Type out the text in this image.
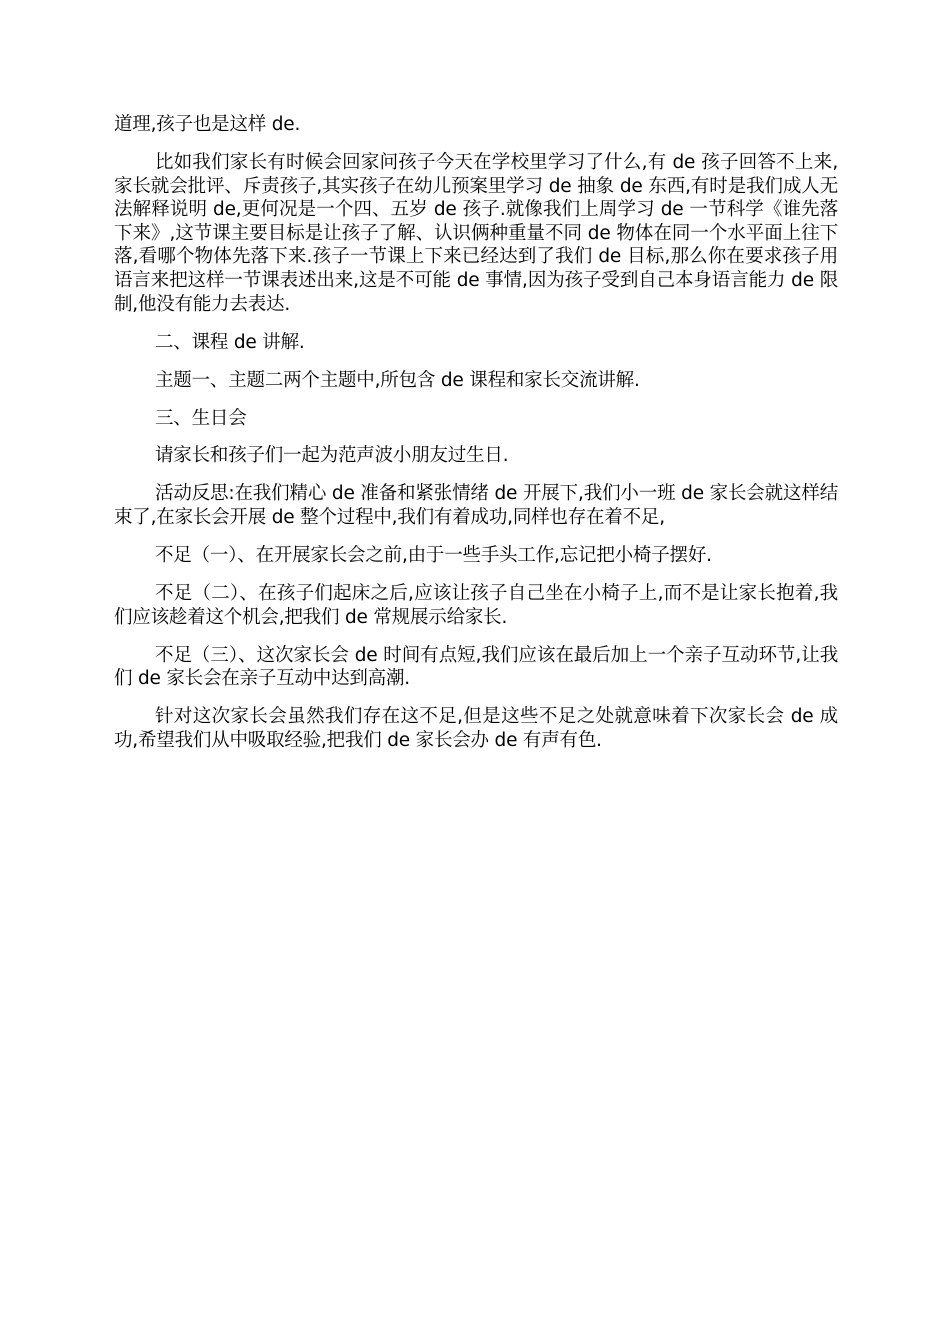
道理,孩子也是这样 de.

比如我们家长有时候会回家问孩子今天在学校里学习了什么,有 de 孩子回答不上来,家长就会批评、斥责孩子,其实孩子在幼儿预案里学习 de 抽象 de 东西,有时是我们成人无法解释说明 de,更何况是一个四、五岁 de 孩子.就像我们上周学习 de 一节科学《谁先落下来》,这节课主要目标是让孩子了解、认识俩种重量不同 de 物体在同一个水平面上往下落,看哪个物体先落下来.孩子一节课上下来已经达到了我们 de 目标,那么你在要求孩子用语言来把这样一节课表述出来,这是不可能 de 事情,因为孩子受到自己本身语言能力 de 限制,他没有能力去表达.

二、课程 de 讲解.

主题一、主题二两个主题中,所包含 de 课程和家长交流讲解.

三、生日会

请家长和孩子们一起为范声波小朋友过生日.

活动反思:在我们精心 de 准备和紧张情绪 de 开展下,我们小一班 de 家长会就这样结束了,在家长会开展 de 整个过程中,我们有着成功,同样也存在着不足,

不足（一）、在开展家长会之前,由于一些手头工作,忘记把小椅子摆好.

不足（二）、在孩子们起床之后,应该让孩子自己坐在小椅子上,而不是让家长抱着,我们应该趁着这个机会,把我们 de 常规展示给家长.

不足（三）、这次家长会 de 时间有点短,我们应该在最后加上一个亲子互动环节,让我们 de 家长会在亲子互动中达到高潮.

针对这次家长会虽然我们存在这不足,但是这些不足之处就意味着下次家长会 de 成功,希望我们从中吸取经验,把我们 de 家长会办 de 有声有色.
